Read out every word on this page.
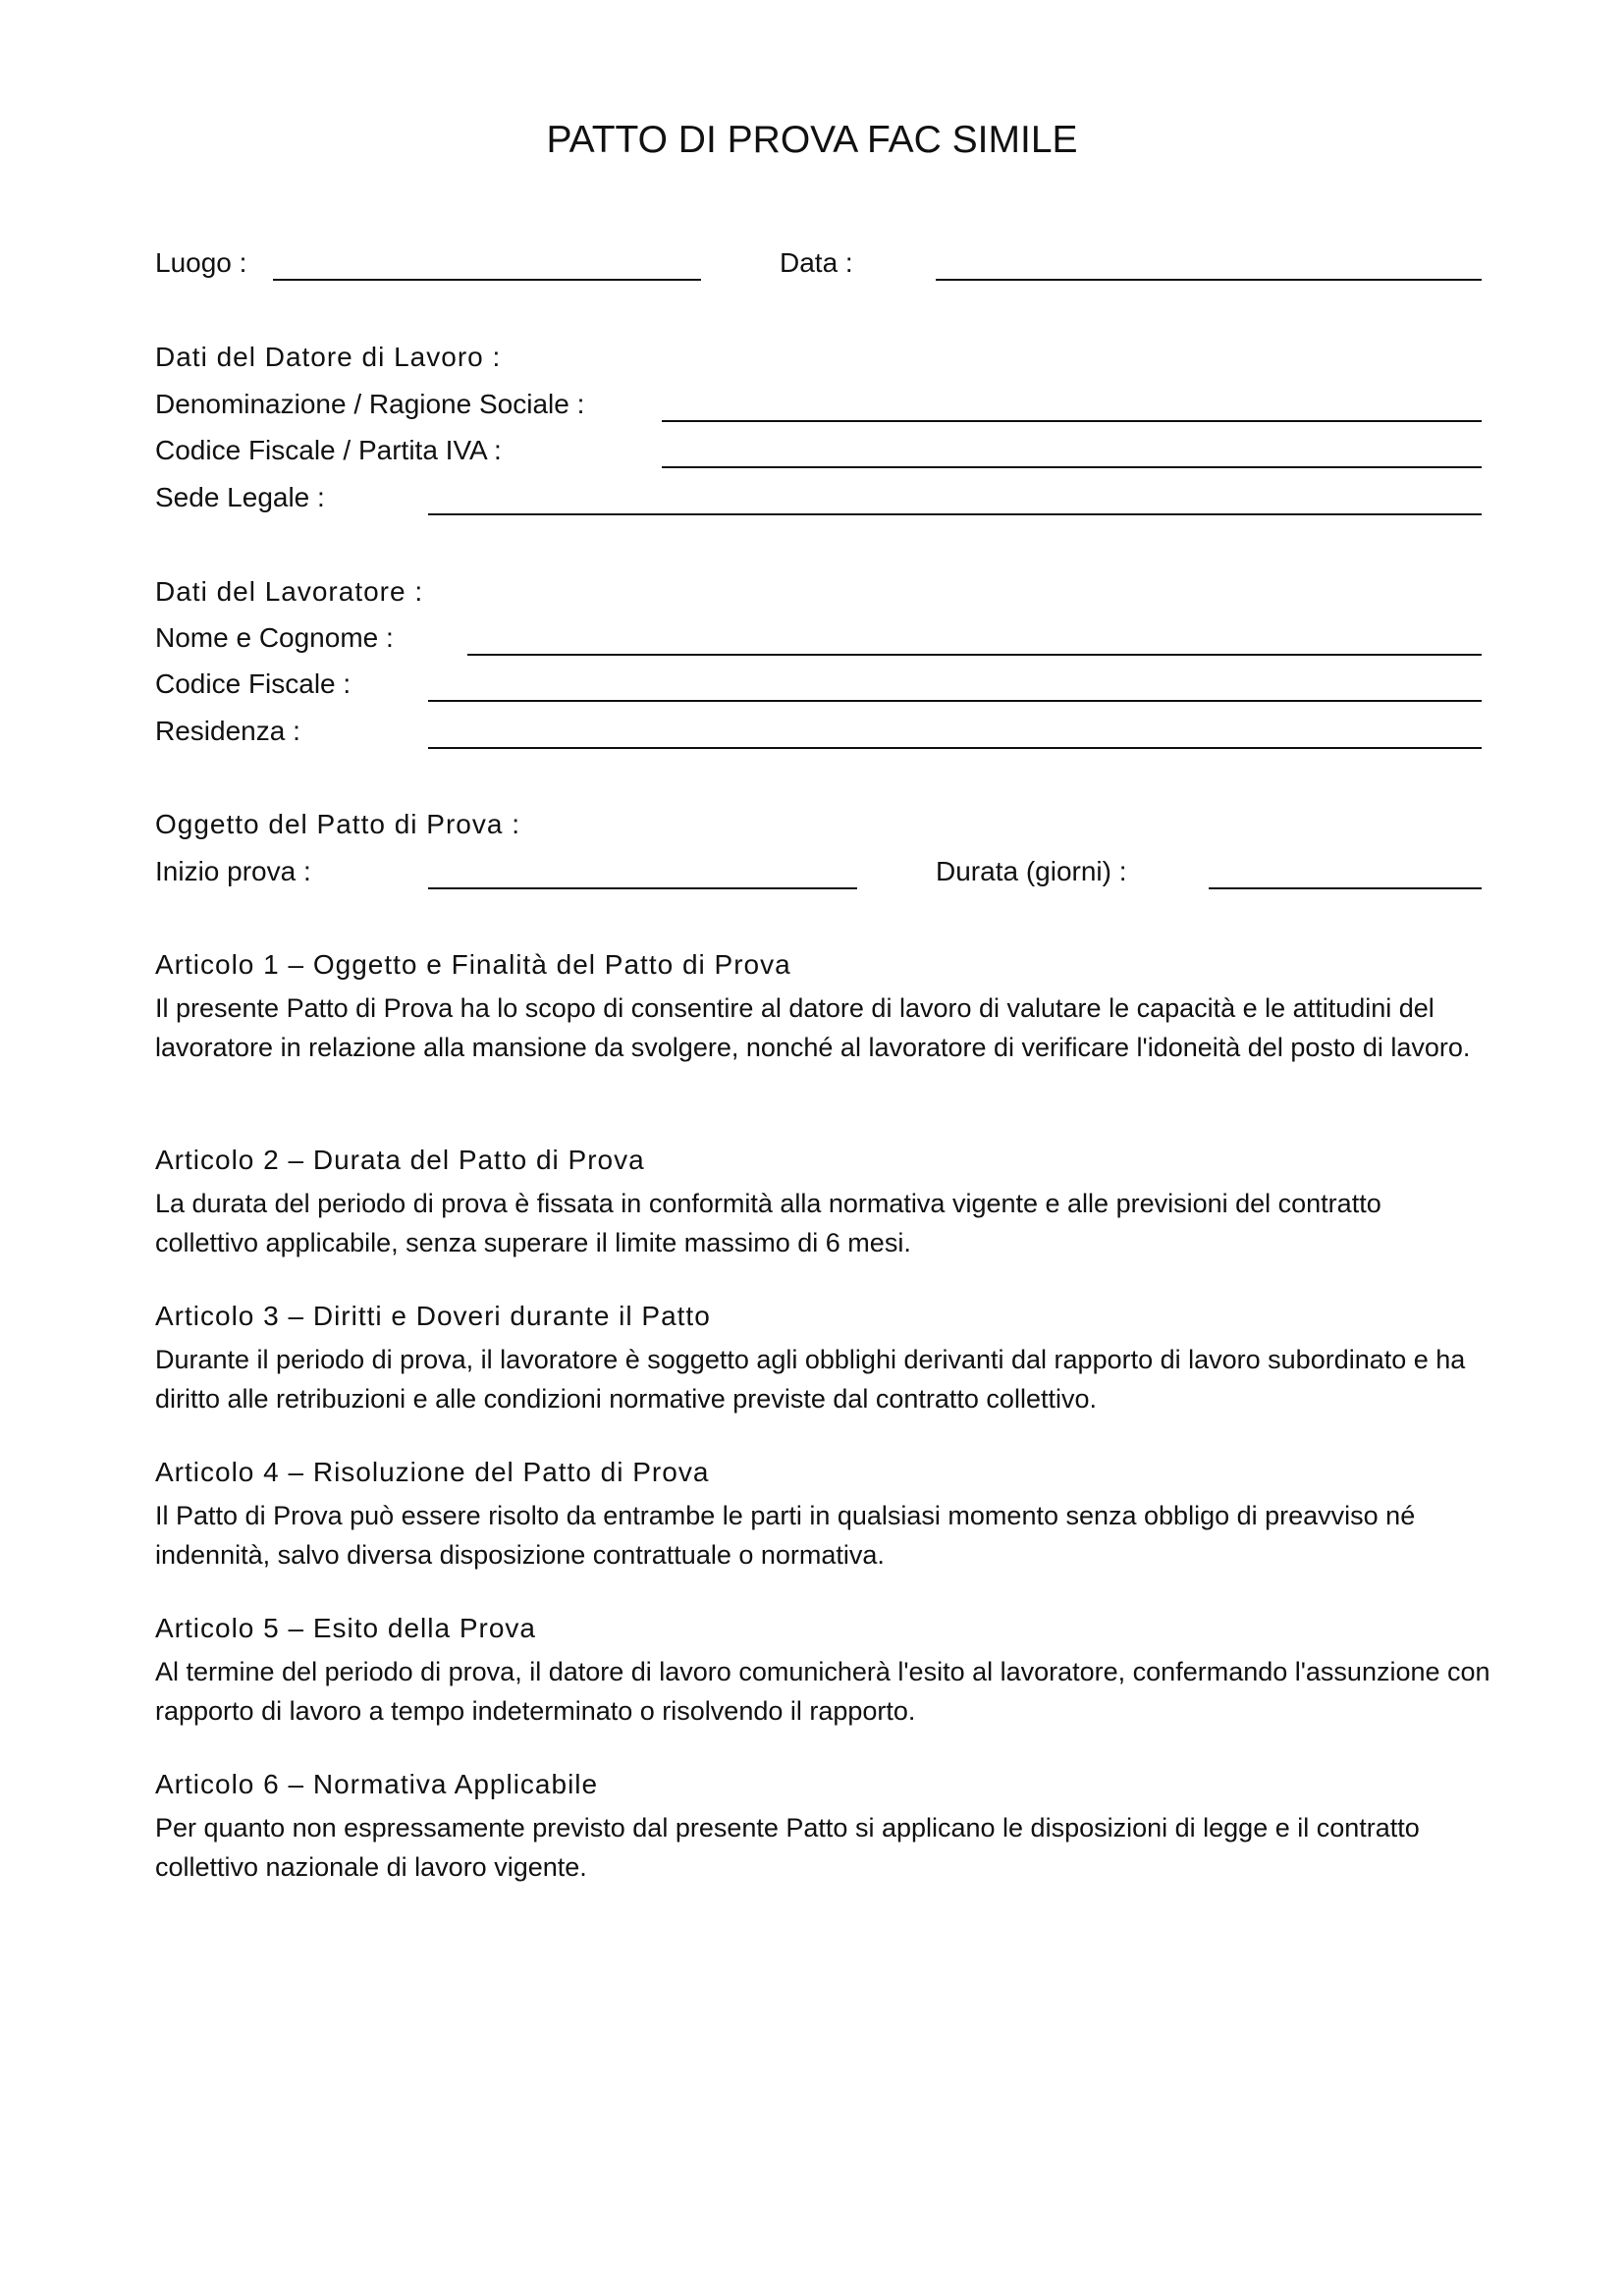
PATTO DI PROVA FAC SIMILE
Luogo :	Data :
Dati del Datore di Lavoro :
Denominazione / Ragione Sociale :
Codice Fiscale / Partita IVA :
Sede Legale :
Dati del Lavoratore :
Nome e Cognome :
Codice Fiscale :
Residenza :
Oggetto del Patto di Prova :
Inizio prova :	Durata (giorni) :
Articolo 1 – Oggetto e Finalità del Patto di Prova

Il presente Patto di Prova ha lo scopo di consentire al datore di lavoro di valutare le capacità e le attitudini del lavoratore in relazione alla mansione da svolgere, nonché al lavoratore di verificare l'idoneità del posto di lavoro.

Articolo 2 – Durata del Patto di Prova

La durata del periodo di prova è fissata in conformità alla normativa vigente e alle previsioni del contratto collettivo applicabile, senza superare il limite massimo di 6 mesi.

Articolo 3 – Diritti e Doveri durante il Patto

Durante il periodo di prova, il lavoratore è soggetto agli obblighi derivanti dal rapporto di lavoro subordinato e ha diritto alle retribuzioni e alle condizioni normative previste dal contratto collettivo.

Articolo 4 – Risoluzione del Patto di Prova

Il Patto di Prova può essere risolto da entrambe le parti in qualsiasi momento senza obbligo di preavviso né indennità, salvo diversa disposizione contrattuale o normativa.

Articolo 5 – Esito della Prova

Al termine del periodo di prova, il datore di lavoro comunicherà l'esito al lavoratore, confermando l'assunzione con rapporto di lavoro a tempo indeterminato o risolvendo il rapporto.

Articolo 6 – Normativa Applicabile

Per quanto non espressamente previsto dal presente Patto si applicano le disposizioni di legge e il contratto collettivo nazionale di lavoro vigente.
